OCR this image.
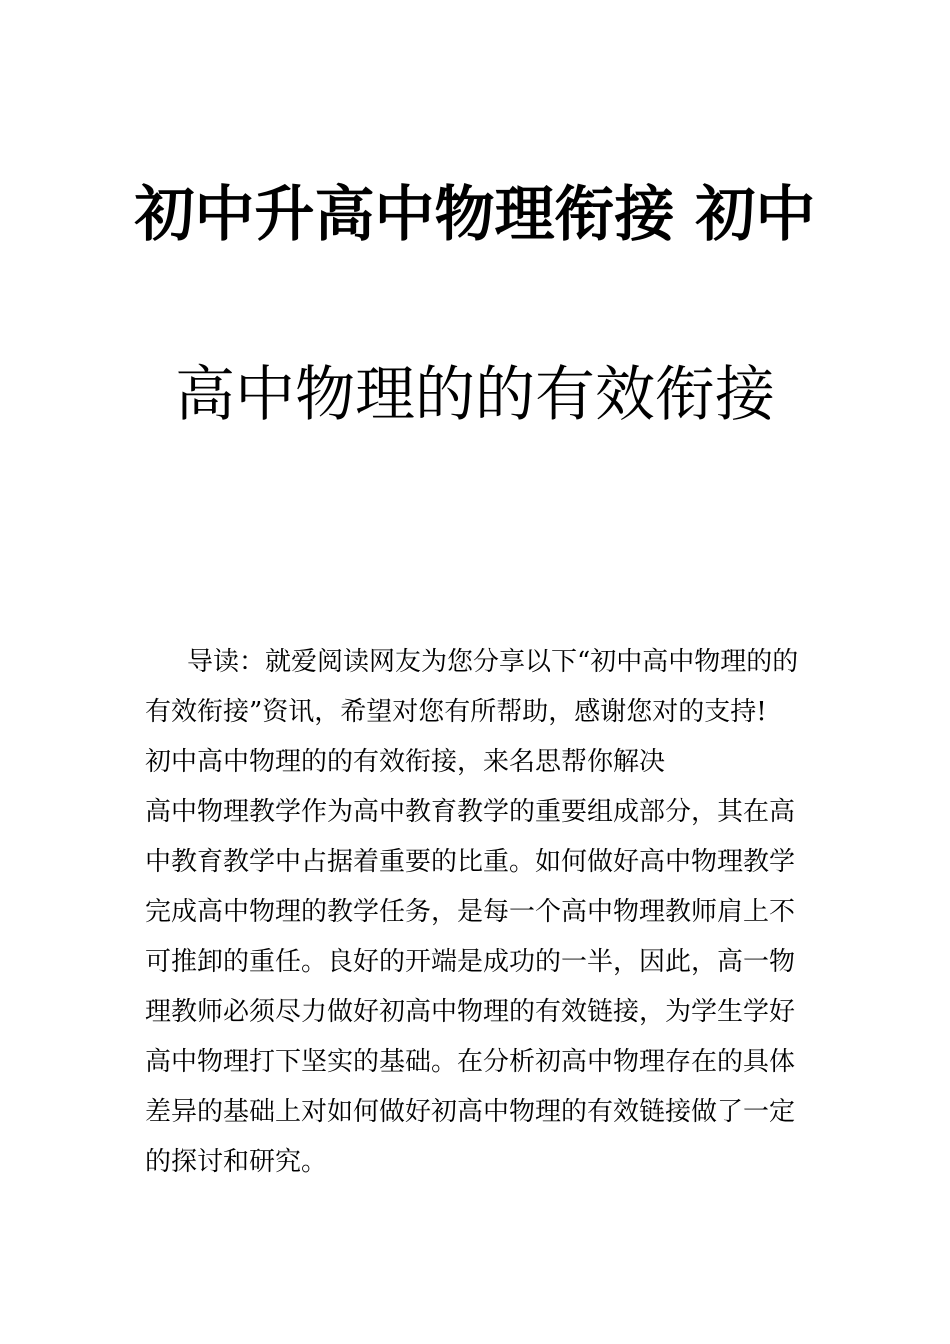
初中升高中物理衔接 初中
高中物理的的有效衔接
导读：就爱阅读网友为您分享以下“初中高中物理的的
有效衔接”资讯，希望对您有所帮助，感谢您对的支持!
初中高中物理的的有效衔接，来名思帮你解决
高中物理教学作为高中教育教学的重要组成部分，其在高
中教育教学中占据着重要的比重。如何做好高中物理教学
完成高中物理的教学任务，是每一个高中物理教师肩上不
可推卸的重任。良好的开端是成功的一半，因此，高一物
理教师必须尽力做好初高中物理的有效链接，为学生学好
高中物理打下坚实的基础。在分析初高中物理存在的具体
差异的基础上对如何做好初高中物理的有效链接做了一定
的探讨和研究。
